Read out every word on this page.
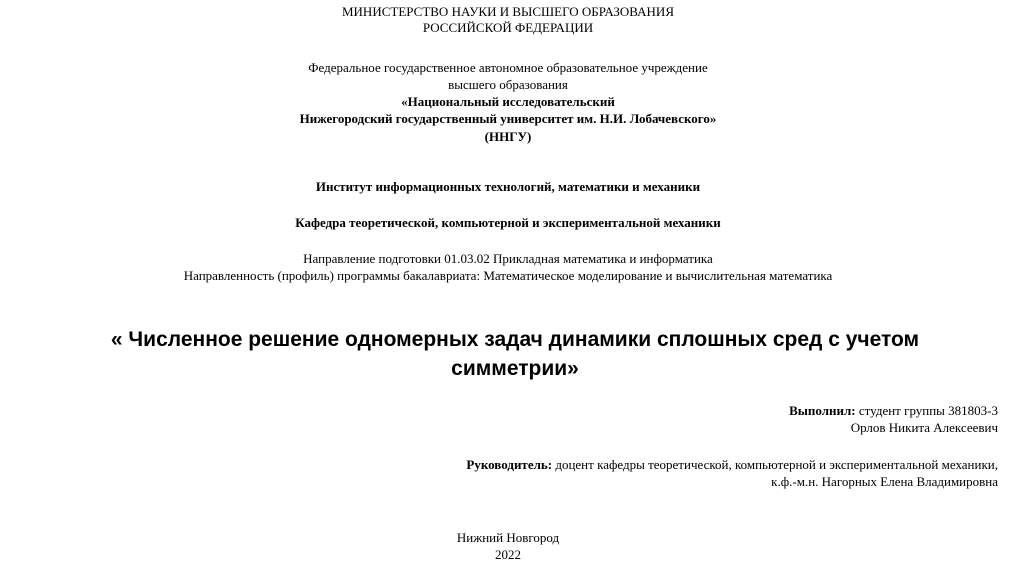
МИНИСТЕРСТВО НАУКИ И ВЫСШЕГО ОБРАЗОВАНИЯ
РОССИЙСКОЙ ФЕДЕРАЦИИ
Федеральное государственное автономное образовательное учреждение
высшего образования
«Национальный исследовательский
Нижегородский государственный университет им. Н.И. Лобачевского»
(ННГУ)
Институт информационных технологий, математики и механики
Кафедра теоретической, компьютерной и экспериментальной механики
Направление подготовки 01.03.02 Прикладная математика и информатика
Направленность (профиль) программы бакалавриата: Математическое моделирование и вычислительная математика
« Численное решение одномерных задач динамики сплошных сред с учетом
симметрии»
Выполнил: студент группы 381803-3
Орлов Никита Алексеевич
Руководитель: доцент кафедры теоретической, компьютерной и экспериментальной механики,
к.ф.-м.н. Нагорных Елена Владимировна
Нижний Новгород
2022
